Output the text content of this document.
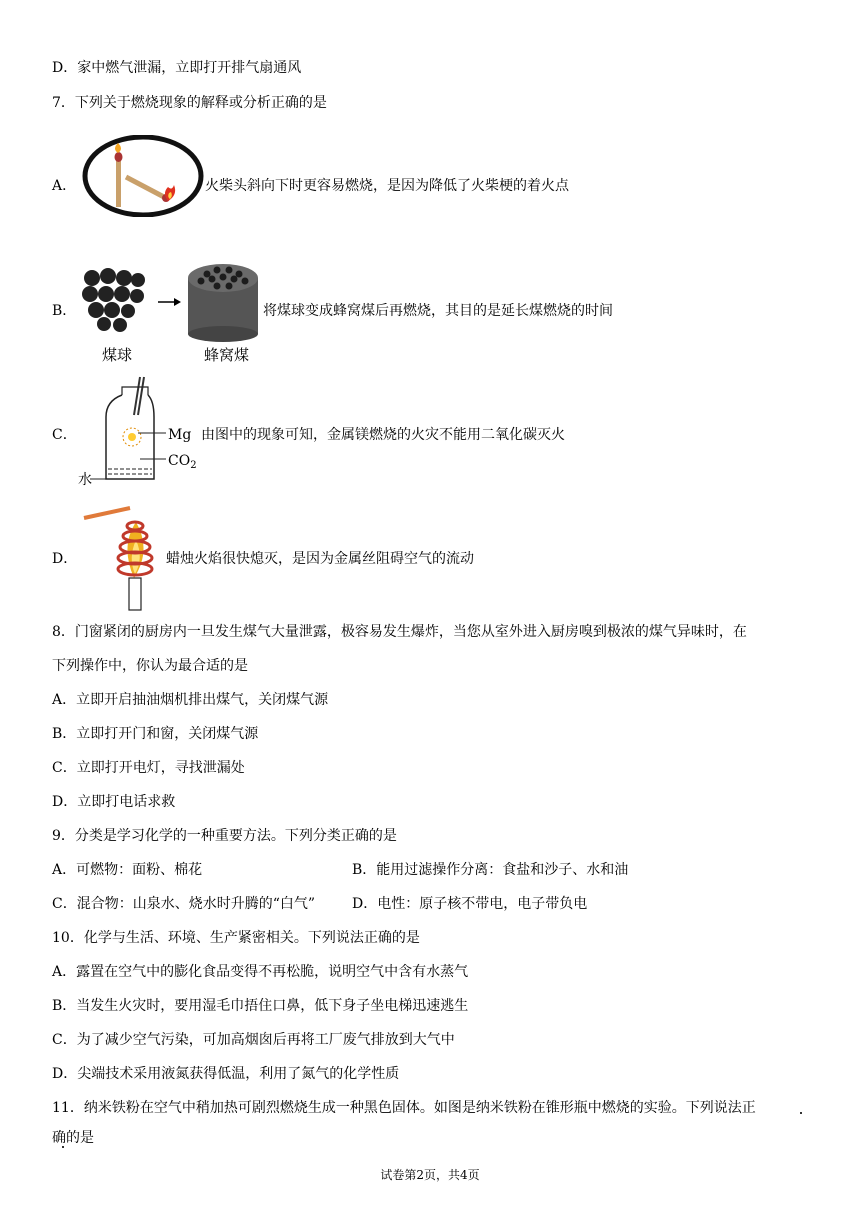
D．家中燃气泄漏，立即打开排气扇通风
7．下列关于燃烧现象的解释或分析正确的是
A．	火柴头斜向下时更容易燃烧，是因为降低了火柴梗的着火点
B．
煤球	蜂窝煤
将煤球变成蜂窝煤后再燃烧，其目的是延长煤燃烧的时间
C．	Mg
$CO_2$
水
由图中的现象可知，金属镁燃烧的火灾不能用二氧化碳灭火
D．	蜡烛火焰很快熄灭，是因为金属丝阻碍空气的流动
8．门窗紧闭的厨房内一旦发生煤气大量泄露，极容易发生爆炸，当您从室外进入厨房嗅到极浓的煤气异味时，在
下列操作中，你认为最合适的是
A．立即开启抽油烟机排出煤气，关闭煤气源
B．立即打开门和窗，关闭煤气源
C．立即打开电灯，寻找泄漏处
D．立即打电话求救
9．分类是学习化学的一种重要方法。下列分类正确的是
A．可燃物：面粉、棉花	B．能用过滤操作分离：食盐和沙子、水和油
C．混合物：山泉水、烧水时升腾的“白气”	D．电性：原子核不带电，电子带负电
10．化学与生活、环境、生产紧密相关。下列说法正确的是
A．露置在空气中的膨化食品变得不再松脆，说明空气中含有水蒸气
B．当发生火灾时，要用湿毛巾捂住口鼻，低下身子坐电梯迅速逃生
C．为了减少空气污染，可加高烟囱后再将工厂废气排放到大气中
D．尖端技术采用液氮获得低温，利用了氮气的化学性质
11．纳米铁粉在空气中稍加热可剧烈燃烧生成一种黑色固体。如图是纳米铁粉在锥形瓶中燃烧的实验。下列说法正
确的是
试卷第2页，共4页
